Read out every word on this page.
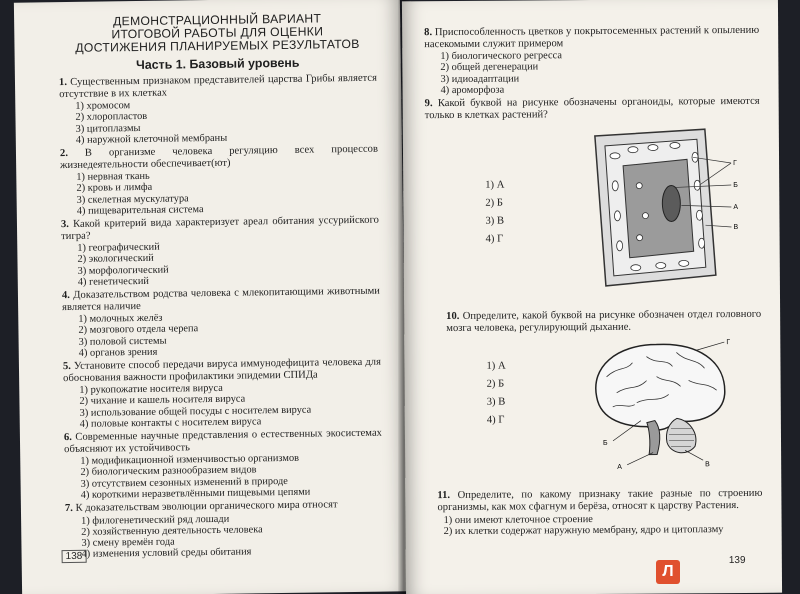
ДЕМОНСТРАЦИОННЫЙ ВАРИАНТ
ИТОГОВОЙ РАБОТЫ ДЛЯ ОЦЕНКИ
ДОСТИЖЕНИЯ ПЛАНИРУЕМЫХ РЕЗУЛЬТАТОВ
Часть 1. Базовый уровень

1. Существенным признаком представителей царства Грибы является отсутствие в их клетках

1) хромосом
2) хлоропластов
3) цитоплазмы
4) наружной клеточной мембраны

2. В организме человека регуляцию всех процессов жизнедеятельности обеспечивает(ют)

1) нервная ткань
2) кровь и лимфа
3) скелетная мускулатура
4) пищеварительная система

3. Какой критерий вида характеризует ареал обитания уссурийского тигра?

1) географический
2) экологический
3) морфологический
4) генетический

4. Доказательством родства человека с млекопитающими животными является наличие

1) молочных желёз
2) мозгового отдела черепа
3) половой системы
4) органов зрения

5. Установите способ передачи вируса иммунодефицита человека для обоснования важности профилактики эпидемии СПИДа

1) рукопожатие носителя вируса
2) чихание и кашель носителя вируса
3) использование общей посуды с носителем вируса
4) половые контакты с носителем вируса

6. Современные научные представления о естественных экосистемах объясняют их устойчивость

1) модификационной изменчивостью организмов
2) биологическим разнообразием видов
3) отсутствием сезонных изменений в природе
4) короткими неразветвлёнными пищевыми цепями

7. К доказательствам эволюции органического мира относят

1) филогенетический ряд лошади
2) хозяйственную деятельность человека
3) смену времён года
4) изменения условий среды обитания
138

8. Приспособленность цветков у покрытосеменных растений к опылению насекомыми служит примером

1) биологического регресса
2) общей дегенерации
3) идиоадаптации
4) ароморфоза

9. Какой буквой на рисунке обозначены органоиды, которые имеются только в клетках растений?

1) А
2) Б
3) В
4) Г
Г
Б
А
В

10. Определите, какой буквой на рисунке обозначен отдел головного мозга человека, регулирующий дыхание.

1) А
2) Б
3) В
4) Г
Г
Б
А	В

11. Определите, по какому признаку такие разные по строению организмы, как мох сфагнум и берёза, относят к царству Растения.

1) они имеют клеточное строение
2) их клетки содержат наружную мембрану, ядро и цитоплазму
139
Л
